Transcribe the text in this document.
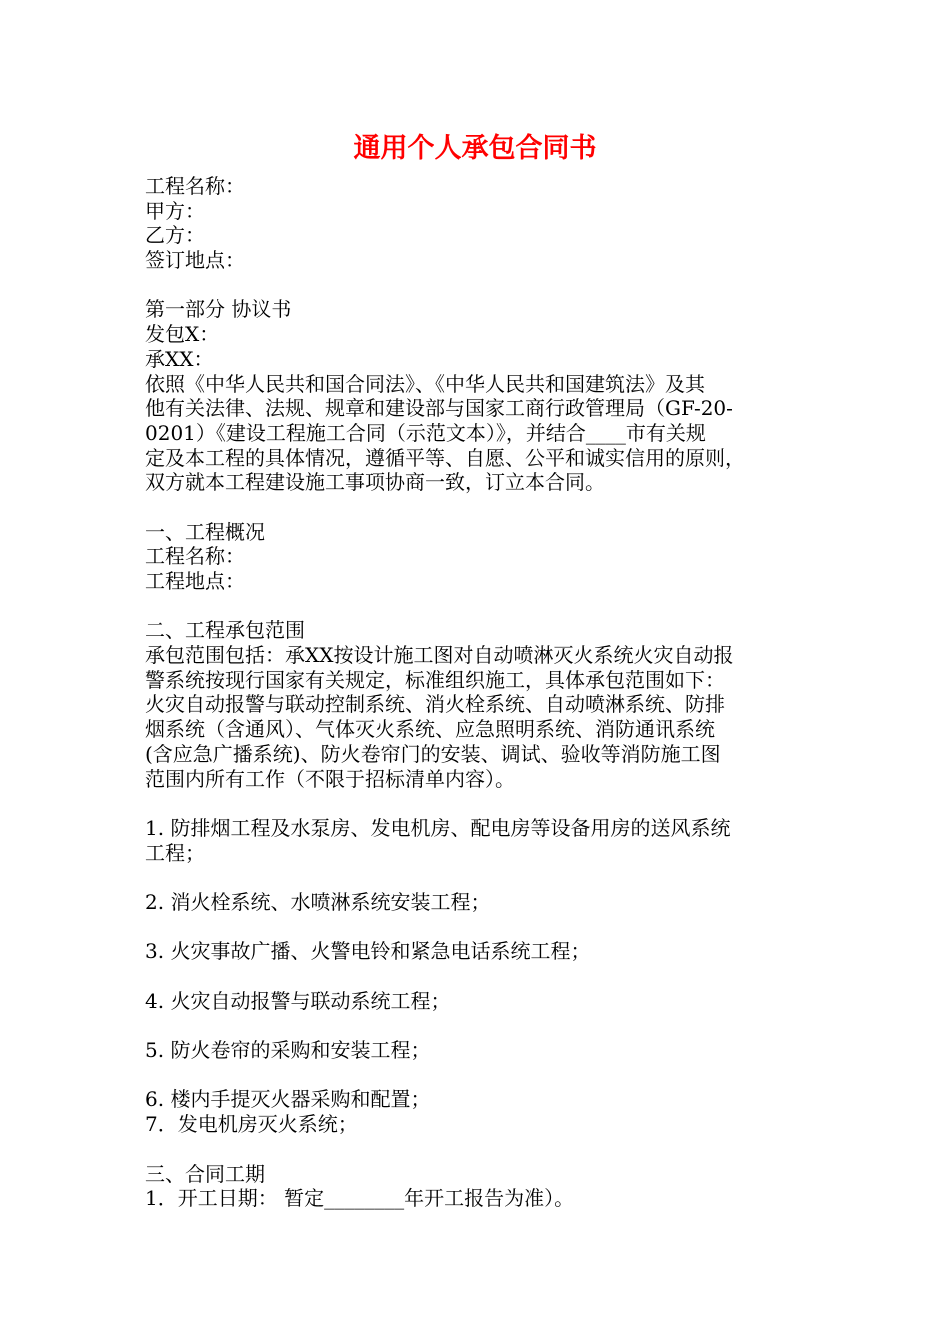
通用个人承包合同书
工程名称：
甲方：
乙方：
签订地点：
第一部分 协议书
发包X：
承XX：
依照《中华人民共和国合同法》、《中华人民共和国建筑法》及其
他有关法律、法规、规章和建设部与国家工商行政管理局（GF-20-
0201）《建设工程施工合同（示范文本）》，并结合____市有关规
定及本工程的具体情况，遵循平等、自愿、公平和诚实信用的原则，
双方就本工程建设施工事项协商一致，订立本合同。
一、工程概况
工程名称：
工程地点：
二、工程承包范围
承包范围包括：承XX按设计施工图对自动喷淋灭火系统火灾自动报
警系统按现行国家有关规定，标准组织施工，具体承包范围如下：
火灾自动报警与联动控制系统、消火栓系统、自动喷淋系统、防排
烟系统（含通风）、气体灭火系统、应急照明系统、消防通讯系统
(含应急广播系统)、防火卷帘门的安装、调试、验收等消防施工图
范围内所有工作（不限于招标清单内容）。
1. 防排烟工程及水泵房、发电机房、配电房等设备用房的送风系统
工程；
2. 消火栓系统、水喷淋系统安装工程；
3. 火灾事故广播、火警电铃和紧急电话系统工程；
4. 火灾自动报警与联动系统工程；
5. 防火卷帘的采购和安装工程；
6. 楼内手提灭火器采购和配置；
7．发电机房灭火系统；
三、合同工期
1．开工日期： 暂定________年开工报告为准）。
